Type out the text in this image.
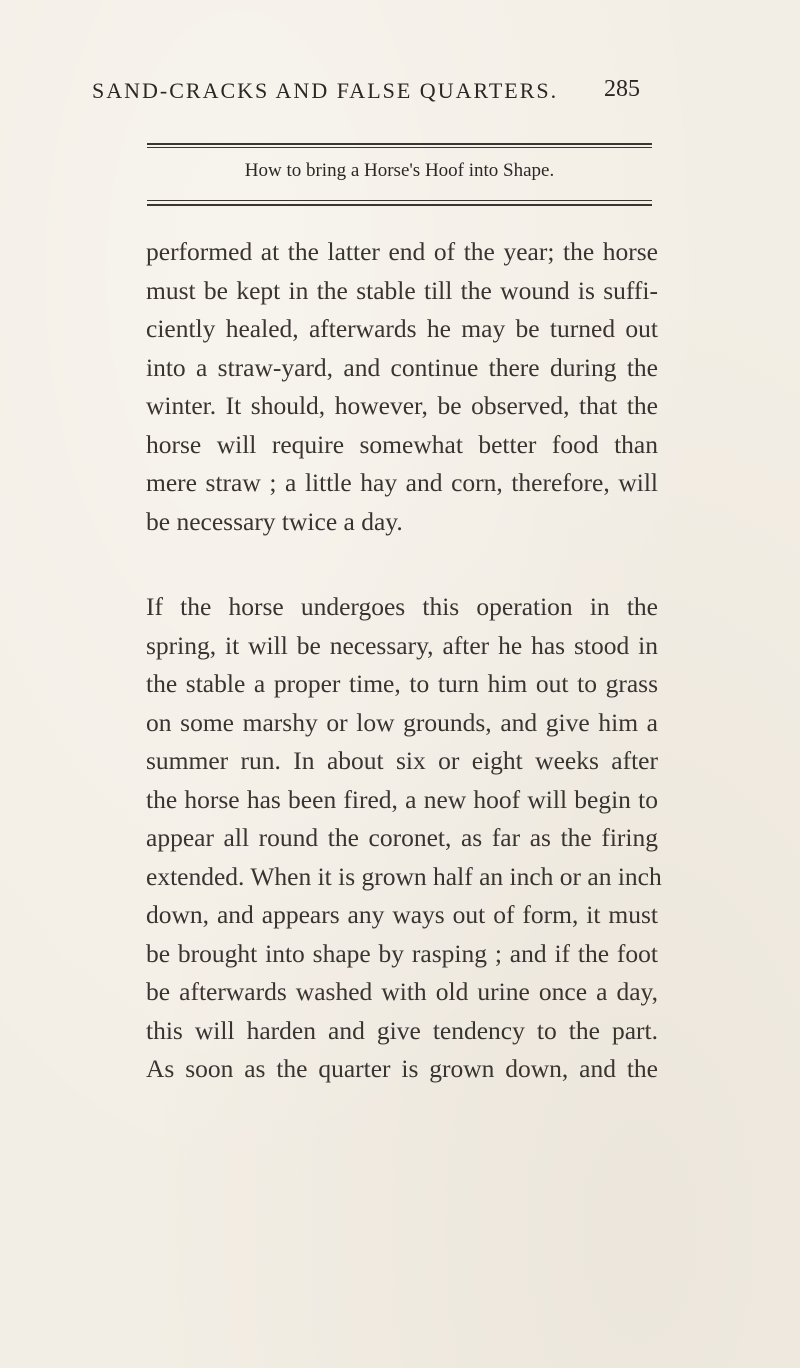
SAND-CRACKS AND FALSE QUARTERS.	285
How to bring a Horse's Hoof into Shape.
performed at the latter end of the year; the horse
must be kept in the stable till the wound is suffi-
ciently healed, afterwards he may be turned out
into a straw-yard, and continue there during the
winter. It should, however, be observed, that the
horse will require somewhat better food than
mere straw ; a little hay and corn, therefore, will
be necessary twice a day.
If the horse undergoes this operation in the
spring, it will be necessary, after he has stood in
the stable a proper time, to turn him out to grass
on some marshy or low grounds, and give him a
summer run. In about six or eight weeks after
the horse has been fired, a new hoof will begin to
appear all round the coronet, as far as the firing
extended. When it is grown half an inch or an inch
down, and appears any ways out of form, it must
be brought into shape by rasping ; and if the foot
be afterwards washed with old urine once a day,
this will harden and give tendency to the part.
As soon as the quarter is grown down, and the
